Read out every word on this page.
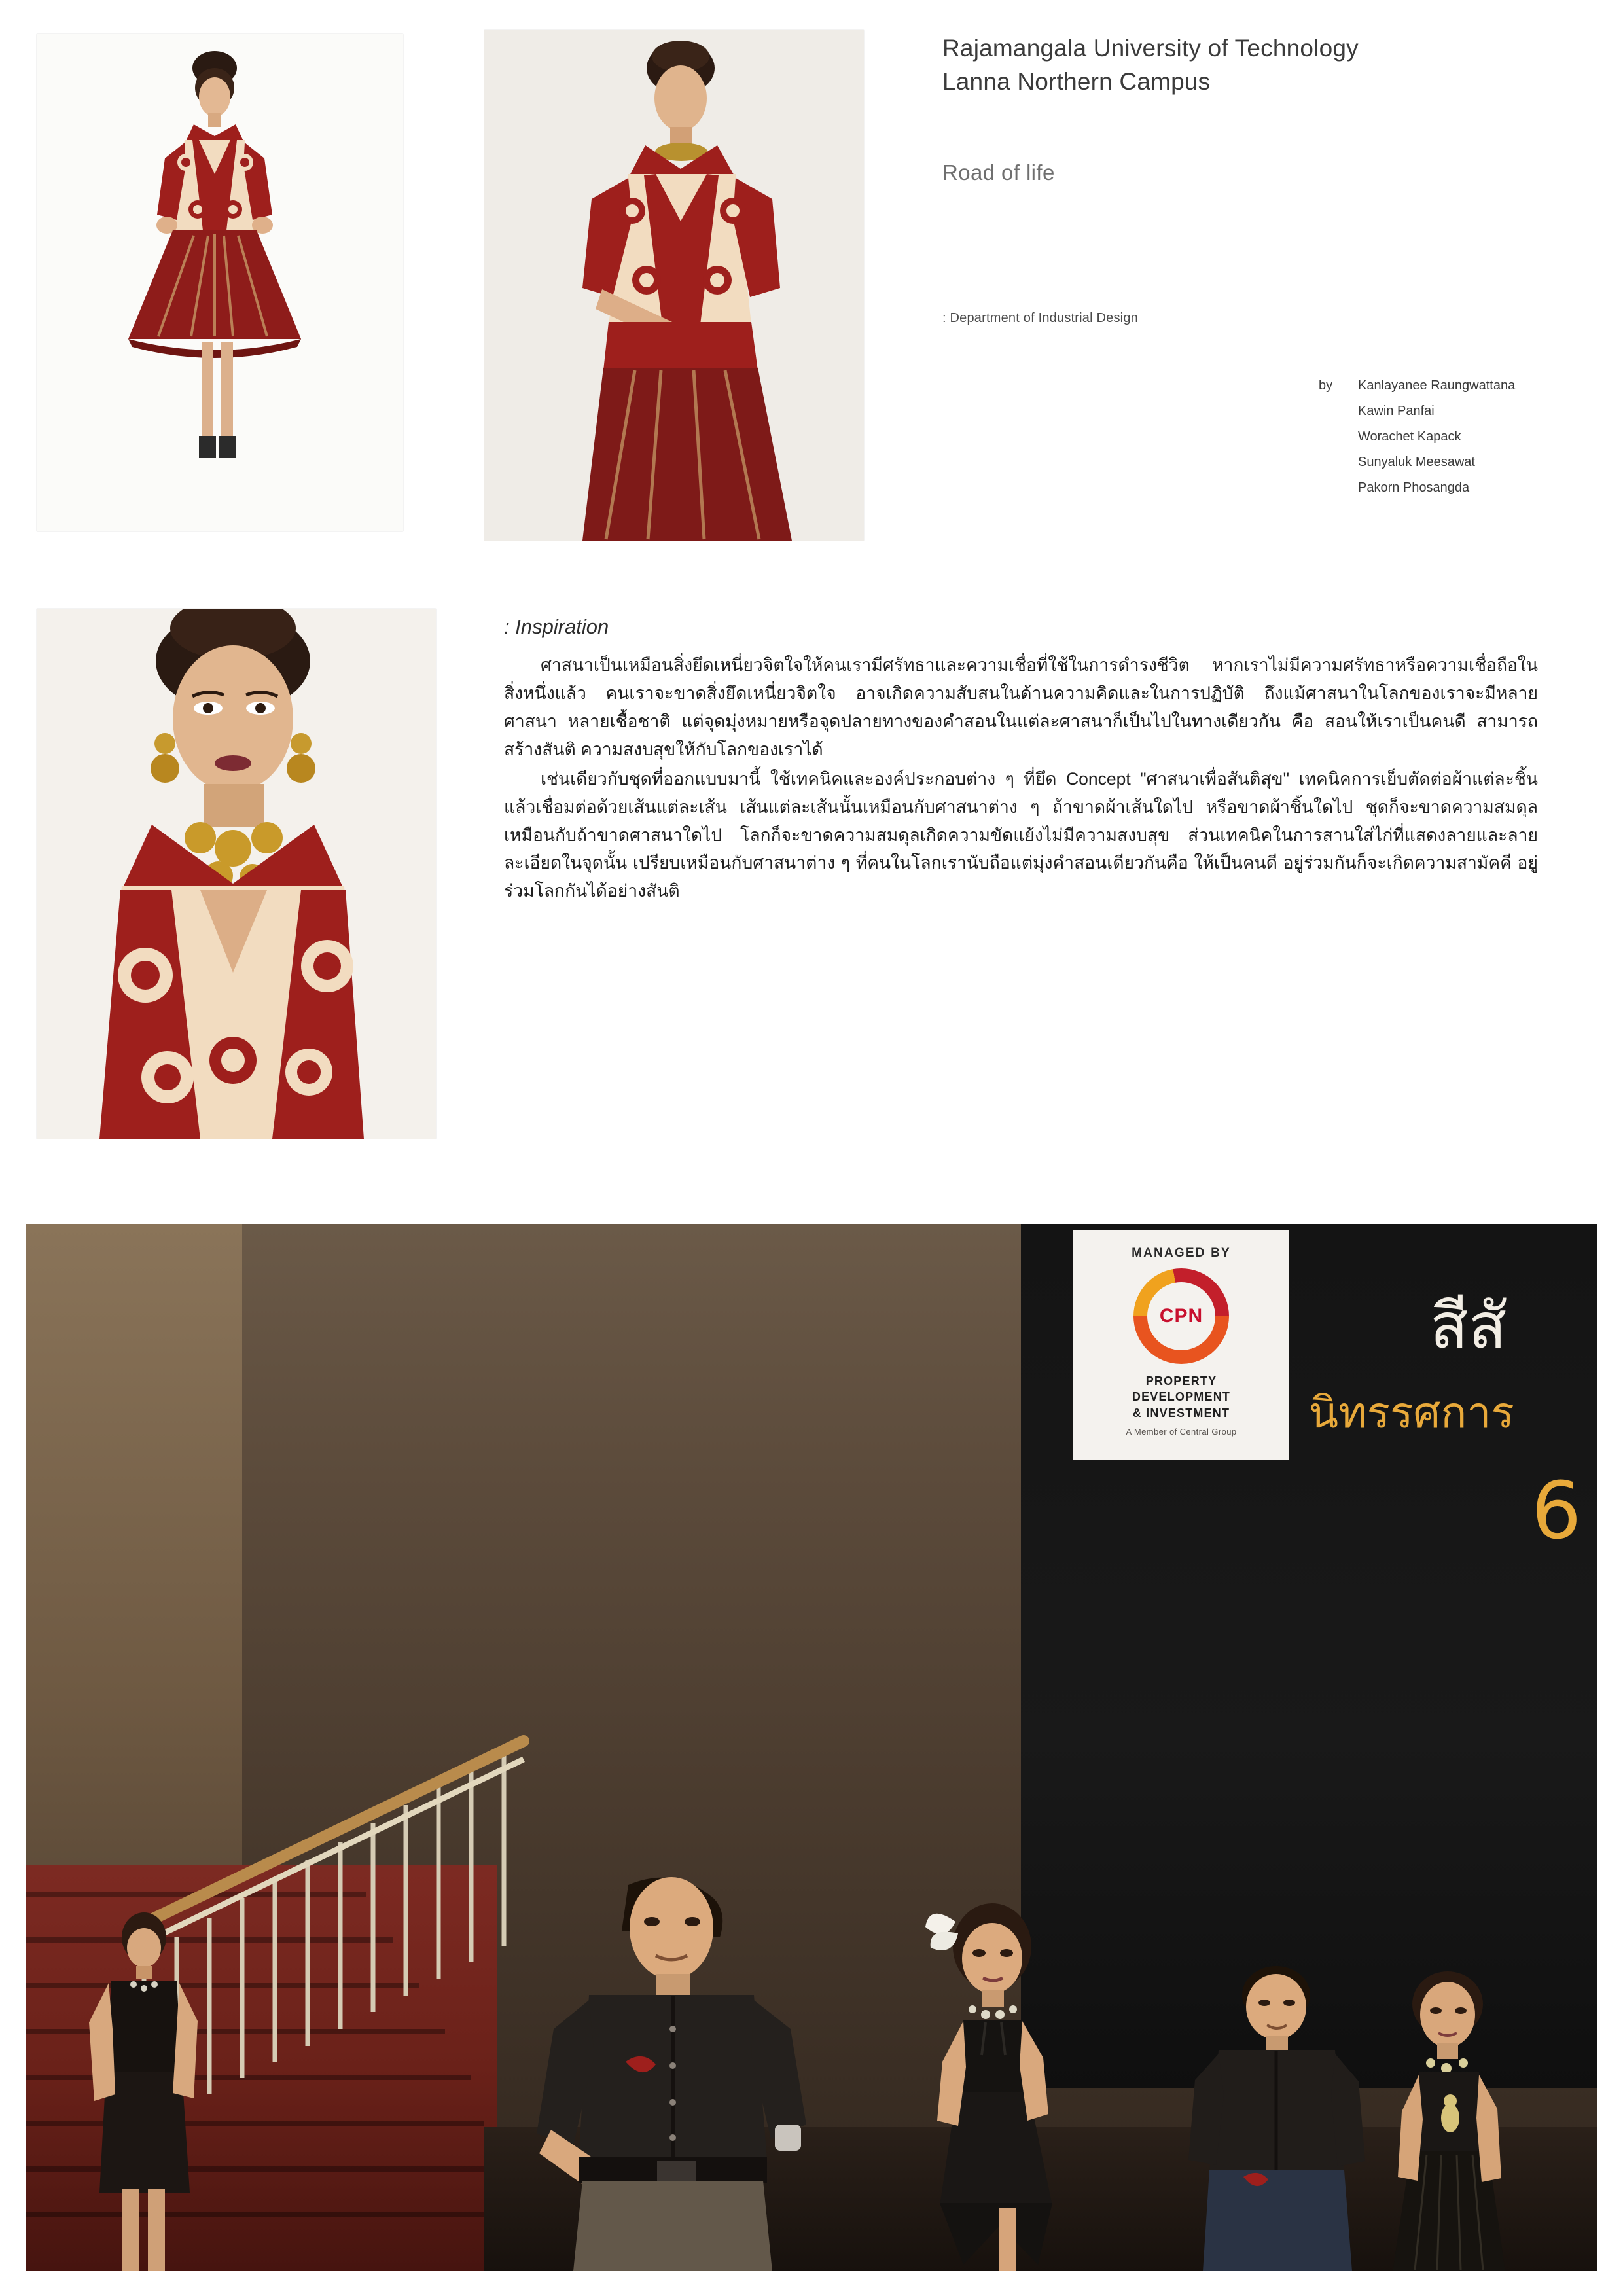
Rajamangala University of Technology
Lanna Northern Campus
Road of life
: Department of Industrial Design
by Kanlayanee Raungwattana
Kawin Panfai
Worachet Kapack
Sunyaluk Meesawat
Pakorn Phosangda
: Inspiration

ศาสนาเป็นเหมือนสิ่งยึดเหนี่ยวจิตใจให้คนเรามีศรัทธาและความเชื่อที่ใช้ในการดำรงชีวิต หากเราไม่มีความศรัทธาหรือความเชื่อถือในสิ่งหนึ่งแล้ว คนเราจะขาดสิ่งยึดเหนี่ยวจิตใจ อาจเกิดความสับสนในด้านความคิดและในการปฏิบัติ ถึงแม้ศาสนาในโลกของเราจะมีหลายศาสนา หลายเชื้อชาติ แต่จุดมุ่งหมายหรือจุดปลายทางของคำสอนในแต่ละศาสนาก็เป็นไปในทางเดียวกัน คือ สอนให้เราเป็นคนดี สามารถสร้างสันติ ความสงบสุขให้กับโลกของเราได้

เช่นเดียวกับชุดที่ออกแบบมานี้ ใช้เทคนิคและองค์ประกอบต่าง ๆ ที่ยึด Concept "ศาสนาเพื่อสันติสุข" เทคนิคการเย็บตัดต่อผ้าแต่ละชิ้นแล้วเชื่อมต่อด้วยเส้นแต่ละเส้น เส้นแต่ละเส้นนั้นเหมือนกับศาสนาต่าง ๆ ถ้าขาดผ้าเส้นใดไป หรือขาดผ้าชิ้นใดไป ชุดก็จะขาดความสมดุล เหมือนกับถ้าขาดศาสนาใดไป โลกก็จะขาดความสมดุลเกิดความขัดแย้งไม่มีความสงบสุข ส่วนเทคนิคในการสานใส่ไก่ที่แสดงลายและลายละเอียดในจุดนั้น เปรียบเหมือนกับศาสนาต่าง ๆ ที่คนในโลกเรานับถือแต่มุ่งคำสอนเดียวกันคือ ให้เป็นคนดี อยู่ร่วมกันก็จะเกิดความสามัคคี อยู่ร่วมโลกกันได้อย่างสันติ

MANAGED BY
CPN
PROPERTY
DEVELOPMENT
& INVESTMENT
A Member of Central Group
สีสั
นิทรรศการ
6
